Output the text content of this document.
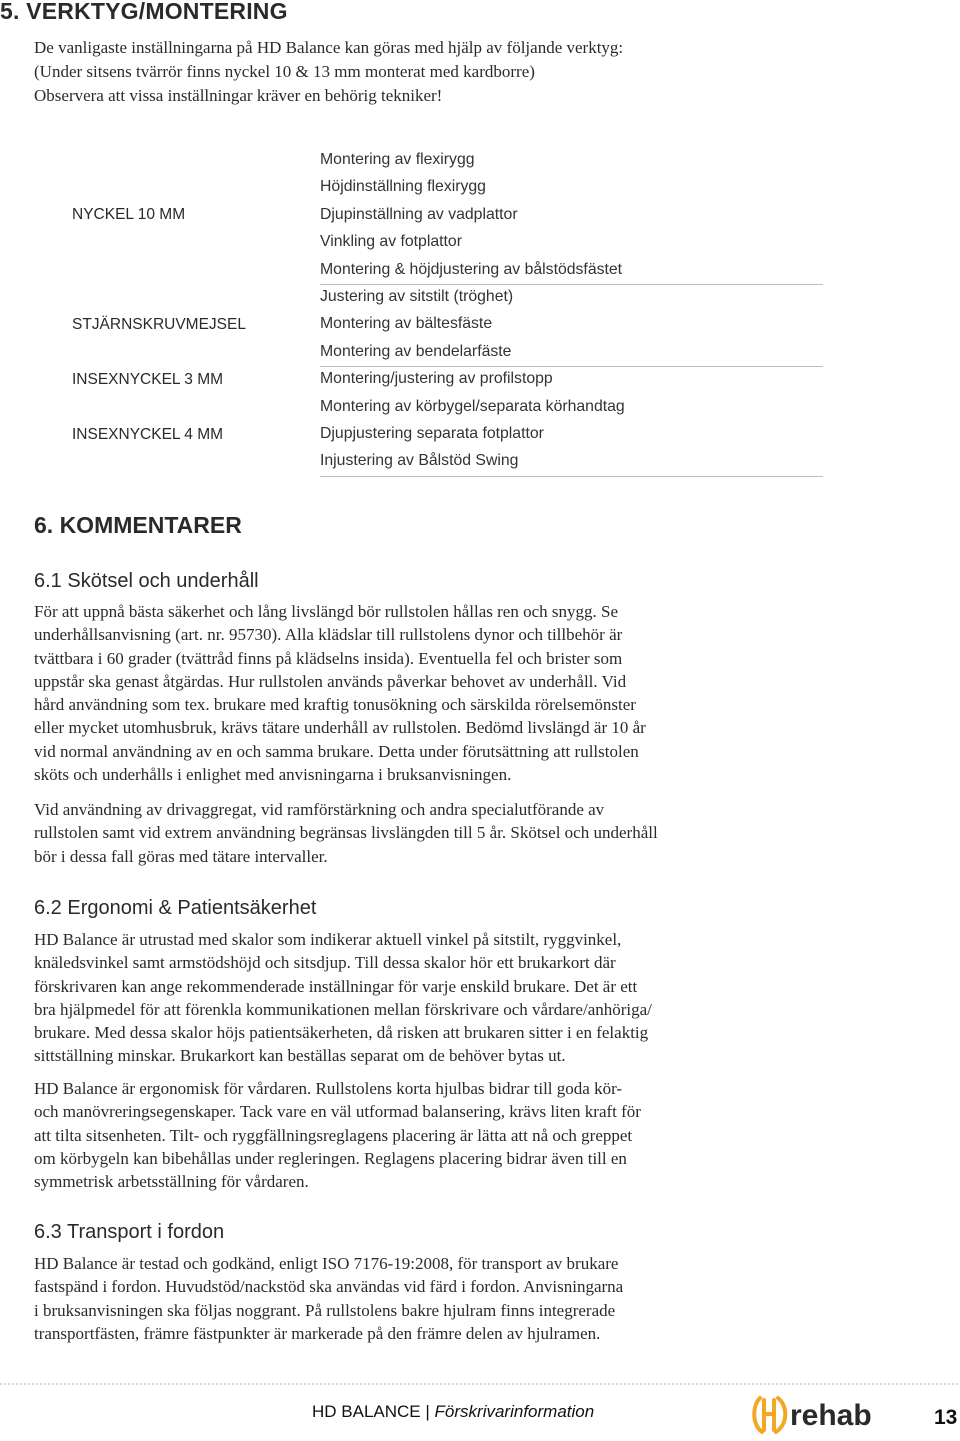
5. VERKTYG/MONTERING
De vanligaste inställningarna på HD Balance kan göras med hjälp av följande verktyg:
(Under sitsens tvärrör finns nyckel 10 & 13 mm monterat med kardborre)
Observera att vissa inställningar kräver en behörig tekniker!
NYCKEL 10 MM
STJÄRNSKRUVMEJSEL
INSEXNYCKEL 3 MM
INSEXNYCKEL 4 MM
Montering av flexirygg
Höjdinställning flexirygg
Djupinställning av vadplattor
Vinkling av fotplattor
Montering & höjdjustering av bålstödsfästet
Justering av sitstilt (tröghet)
Montering av bältesfäste
Montering av bendelarfäste
Montering/justering av profilstopp
Montering av körbygel/separata körhandtag
Djupjustering separata fotplattor
Injustering av Bålstöd Swing
6. KOMMENTARER
6.1 Skötsel och underhåll
För att uppnå bästa säkerhet och lång livslängd bör rullstolen hållas ren och snygg. Se
underhållsanvisning (art. nr. 95730). Alla klädslar till rullstolens dynor och tillbehör är
tvättbara i 60 grader (tvättråd finns på klädselns insida). Eventuella fel och brister som
uppstår ska genast åtgärdas. Hur rullstolen används påverkar behovet av underhåll. Vid
hård användning som tex. brukare med kraftig tonusökning och särskilda rörelsemönster
eller mycket utomhusbruk, krävs tätare underhåll av rullstolen. Bedömd livslängd är 10 år
vid normal användning av en och samma brukare. Detta under förutsättning att rullstolen
sköts och underhålls i enlighet med anvisningarna i bruksanvisningen.
Vid användning av drivaggregat, vid ramförstärkning och andra specialutförande av
rullstolen samt vid extrem användning begränsas livslängden till 5 år. Skötsel och underhåll
bör i dessa fall göras med tätare intervaller.
6.2 Ergonomi & Patientsäkerhet
HD Balance är utrustad med skalor som indikerar aktuell vinkel på sitstilt, ryggvinkel,
knäledsvinkel samt armstödshöjd och sitsdjup. Till dessa skalor hör ett brukarkort där
förskrivaren kan ange rekommenderade inställningar för varje enskild brukare. Det är ett
bra hjälpmedel för att förenkla kommunikationen mellan förskrivare och vårdare/anhöriga/
brukare. Med dessa skalor höjs patientsäkerheten, då risken att brukaren sitter i en felaktig
sittställning minskar. Brukarkort kan beställas separat om de behöver bytas ut.
HD Balance är ergonomisk för vårdaren. Rullstolens korta hjulbas bidrar till goda kör-
och manövreringsegenskaper. Tack vare en väl utformad balansering, krävs liten kraft för
att tilta sitsenheten. Tilt- och ryggfällningsreglagens placering är lätta att nå och greppet
om körbygeln kan bibehållas under regleringen. Reglagens placering bidrar även till en
symmetrisk arbetsställning för vårdaren.
6.3 Transport i fordon
HD Balance är testad och godkänd, enligt ISO 7176-19:2008, för transport av brukare
fastspänd i fordon. Huvudstöd/nackstöd ska användas vid färd i fordon. Anvisningarna
i bruksanvisningen ska följas noggrant. På rullstolens bakre hjulram finns integrerade
transportfästen, främre fästpunkter är markerade på den främre delen av hjulramen.
HD BALANCE | Förskrivarinformation	rehab	13
